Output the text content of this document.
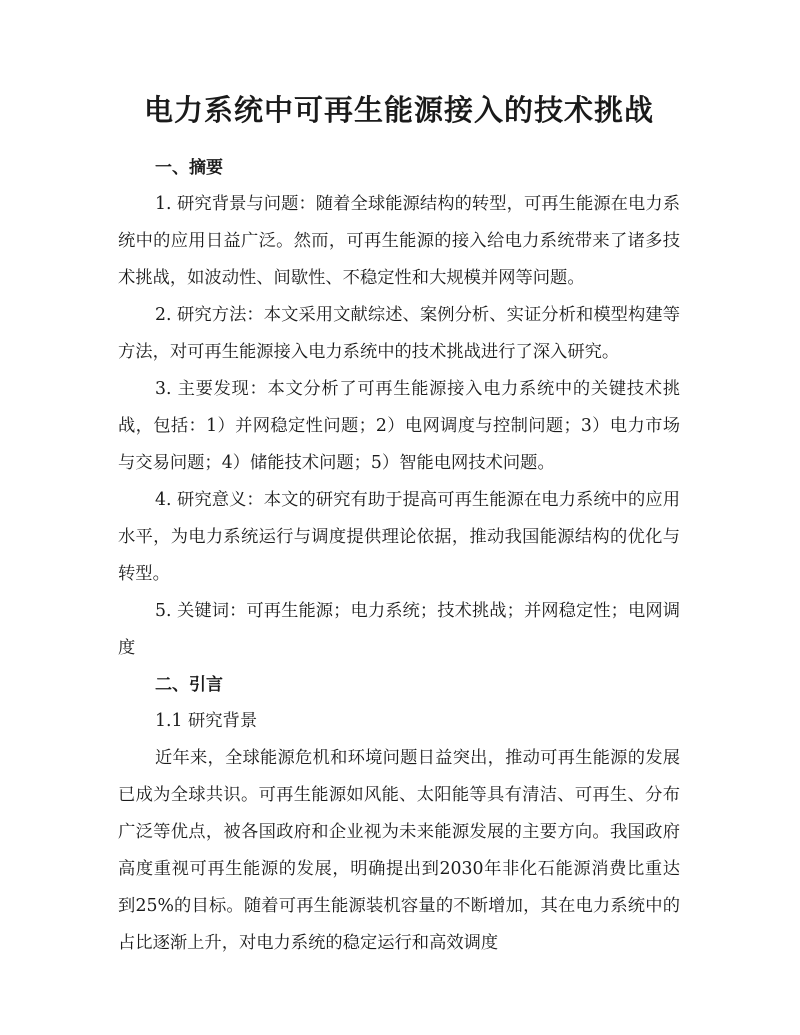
电力系统中可再生能源接入的技术挑战

一、摘要

1. 研究背景与问题：随着全球能源结构的转型，可再生能源在电力系统中的应用日益广泛。然而，可再生能源的接入给电力系统带来了诸多技术挑战，如波动性、间歇性、不稳定性和大规模并网等问题。

2. 研究方法：本文采用文献综述、案例分析、实证分析和模型构建等方法，对可再生能源接入电力系统中的技术挑战进行了深入研究。

3. 主要发现：本文分析了可再生能源接入电力系统中的关键技术挑战，包括：1）并网稳定性问题；2）电网调度与控制问题；3）电力市场与交易问题；4）储能技术问题；5）智能电网技术问题。

4. 研究意义：本文的研究有助于提高可再生能源在电力系统中的应用水平，为电力系统运行与调度提供理论依据，推动我国能源结构的优化与转型。

5. 关键词：可再生能源；电力系统；技术挑战；并网稳定性；电网调度

二、引言

1.1 研究背景

近年来，全球能源危机和环境问题日益突出，推动可再生能源的发展已成为全球共识。可再生能源如风能、太阳能等具有清洁、可再生、分布广泛等优点，被各国政府和企业视为未来能源发展的主要方向。我国政府高度重视可再生能源的发展，明确提出到2030年非化石能源消费比重达到25%的目标。随着可再生能源装机容量的不断增加，其在电力系统中的占比逐渐上升，对电力系统的稳定运行和高效调度
